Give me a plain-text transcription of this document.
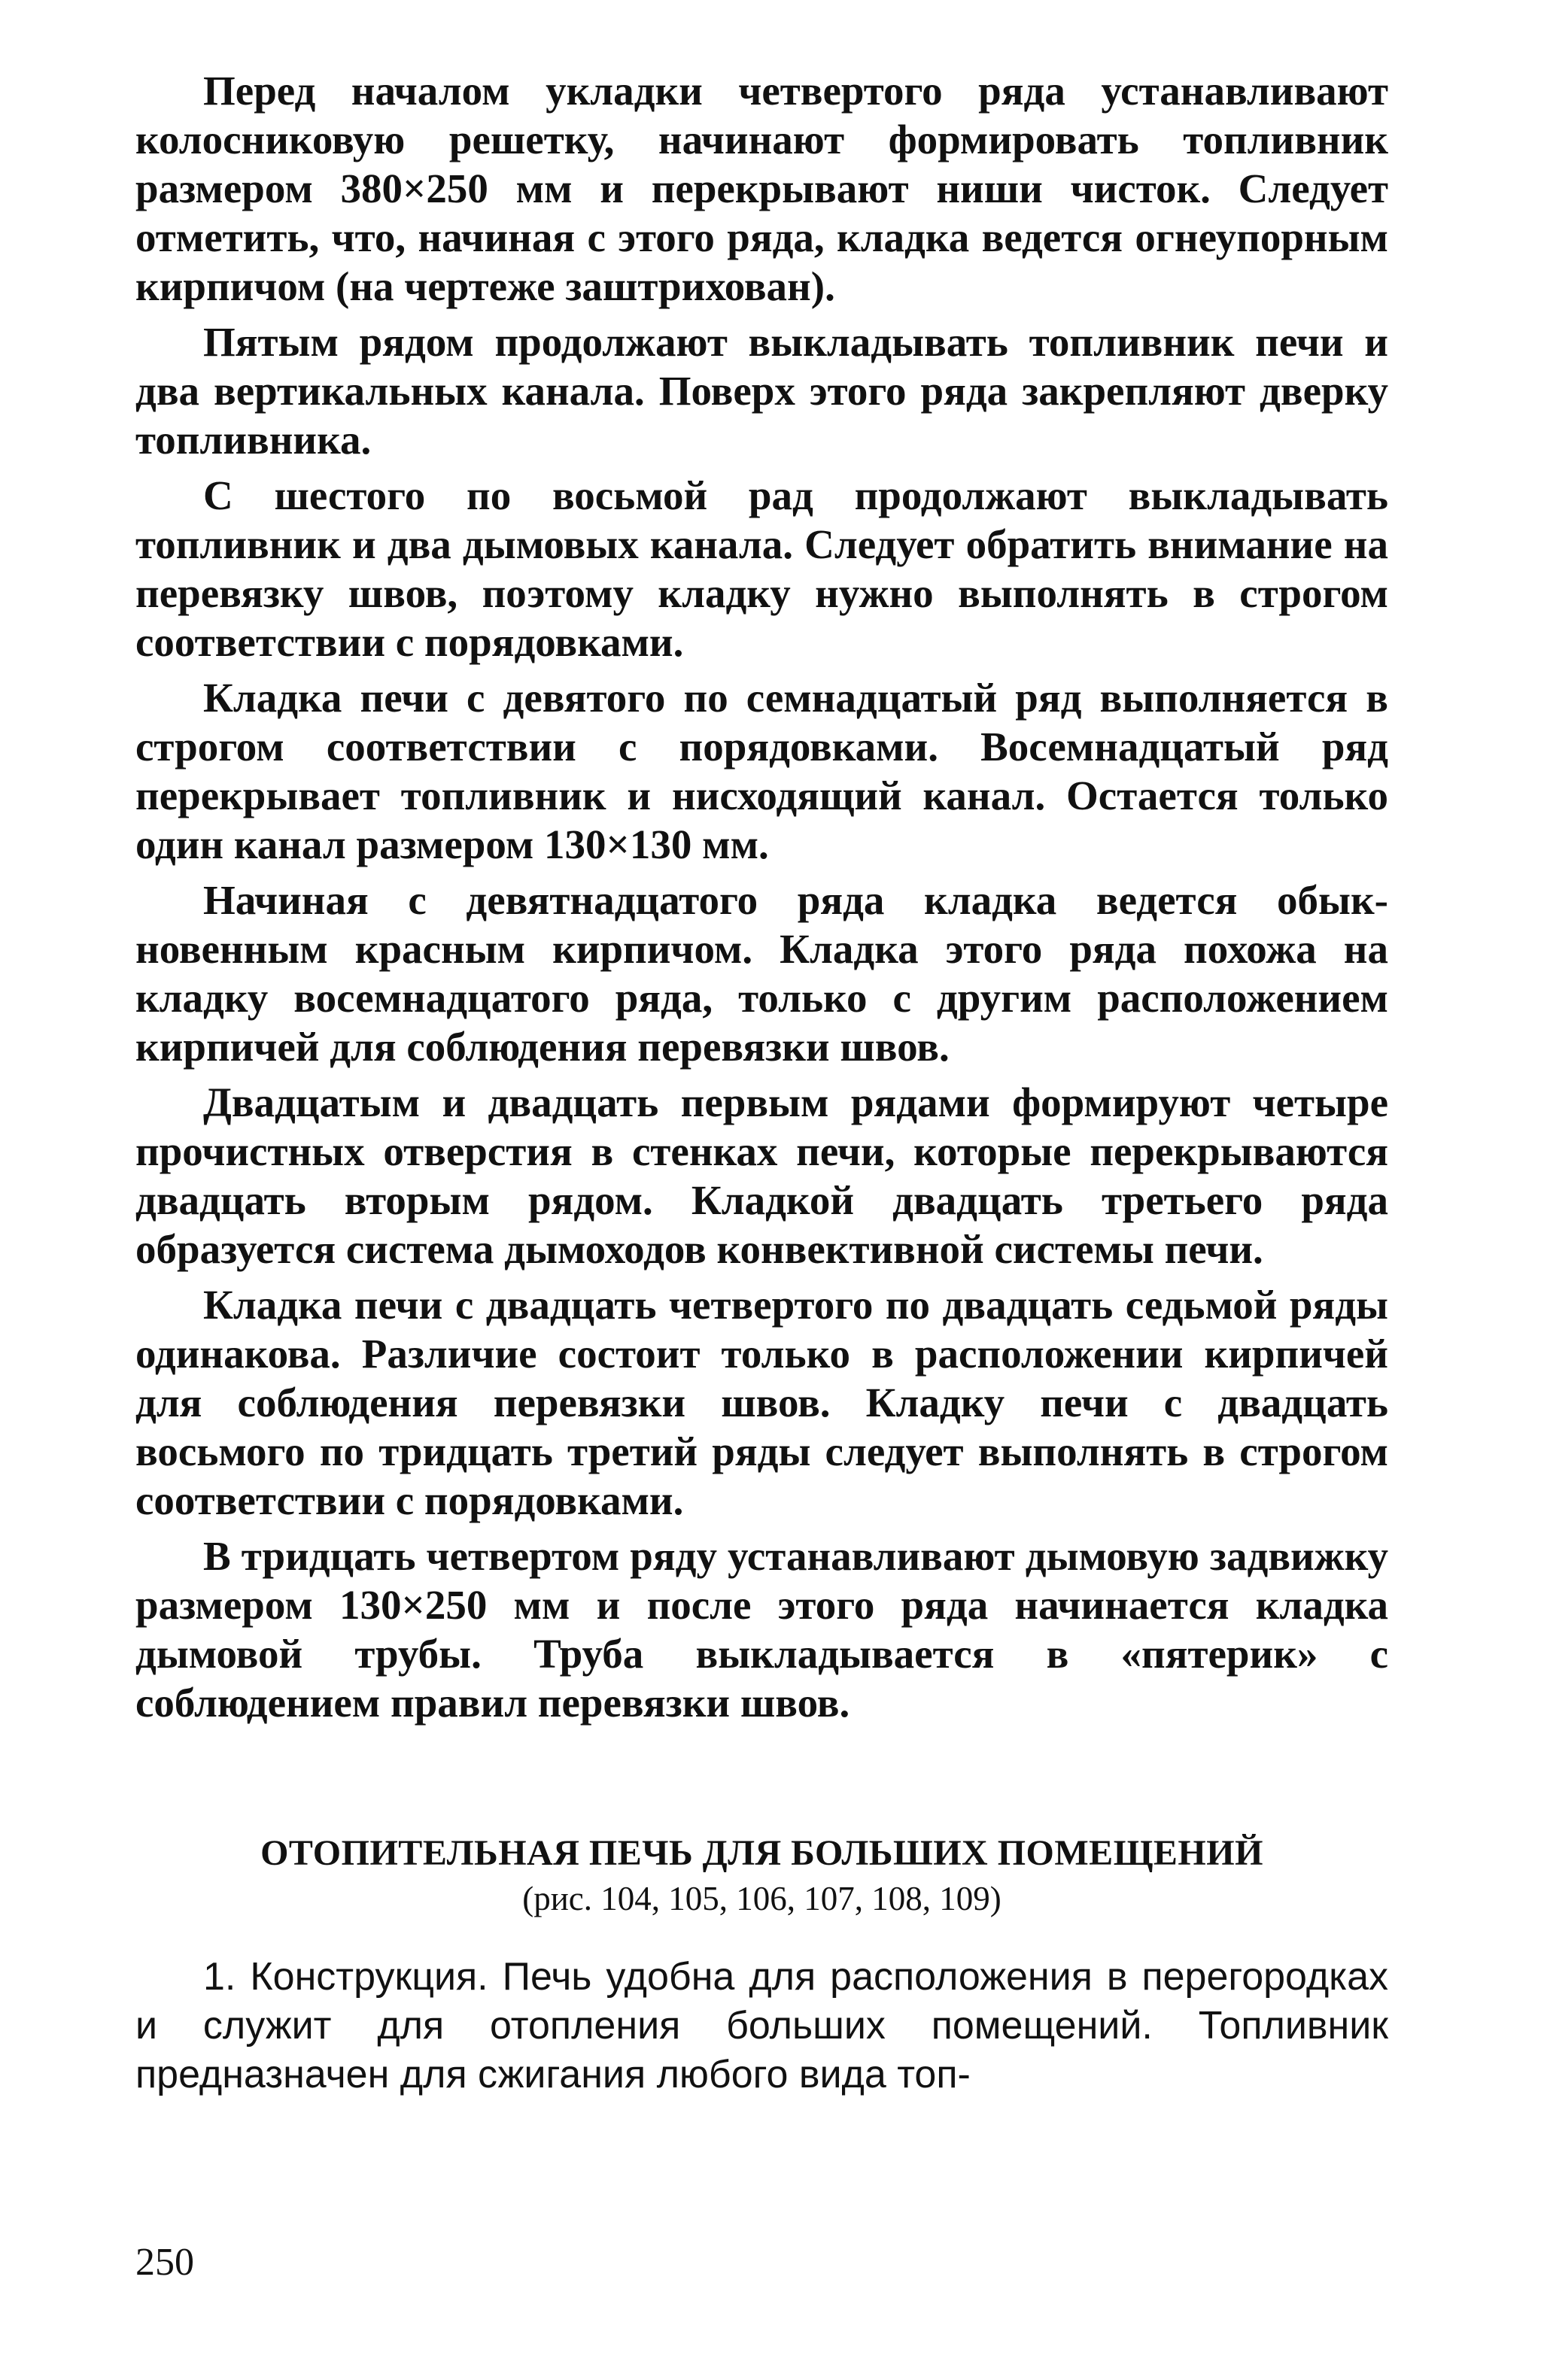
Перед началом укладки четвертого ряда устанавливают колосниковую решетку, начинают формировать топливник размером 380×250 мм и перекрывают ниши чисток. Следует отметить, что, начиная с этого ряда, кладка ведется огнеупорным кирпичом (на чертеже заштрихован).

Пятым рядом продолжают выкладывать топливник печи и два вертикальных канала. Поверх этого ряда закрепляют дверку топливника.

С шестого по восьмой рад продолжают выкладывать топливник и два дымовых канала. Следует обратить внимание на перевязку швов, поэтому кладку нужно выполнять в строгом соответствии с порядовками.

Кладка печи с девятого по семнадцатый ряд выполняется в строгом соответствии с порядовками. Восемнадцатый ряд перекрывает топливник и нисходящий канал. Остается только один канал размером 130×130 мм.

Начиная с девятнадцатого ряда кладка ведется обыкновенным красным кирпичом. Кладка этого ряда похожа на кладку восемнадцатого ряда, только с другим расположением кирпичей для соблюдения перевязки швов.

Двадцатым и двадцать первым рядами формируют четыре прочистных отверстия в стенках печи, которые перекрываются двадцать вторым рядом. Кладкой двадцать третьего ряда образуется система дымоходов конвективной системы печи.

Кладка печи с двадцать четвертого по двадцать седьмой ряды одинакова. Различие состоит только в расположении кирпичей для соблюдения перевязки швов. Кладку печи с двадцать восьмого по тридцать третий ряды следует выполнять в строгом соответствии с порядовками.

В тридцать четвертом ряду устанавливают дымовую задвижку размером 130×250 мм и после этого ряда начинается кладка дымовой трубы. Труба выкладывается в «пятерик» с соблюдением правил перевязки швов.

ОТОПИТЕЛЬНАЯ ПЕЧЬ ДЛЯ БОЛЬШИХ ПОМЕЩЕНИЙ
(рис. 104, 105, 106, 107, 108, 109)

1. Конструкция. Печь удобна для расположения в перегородках и служит для отопления больших помещений. Топливник предназначен для сжигания любого вида топ-

250
